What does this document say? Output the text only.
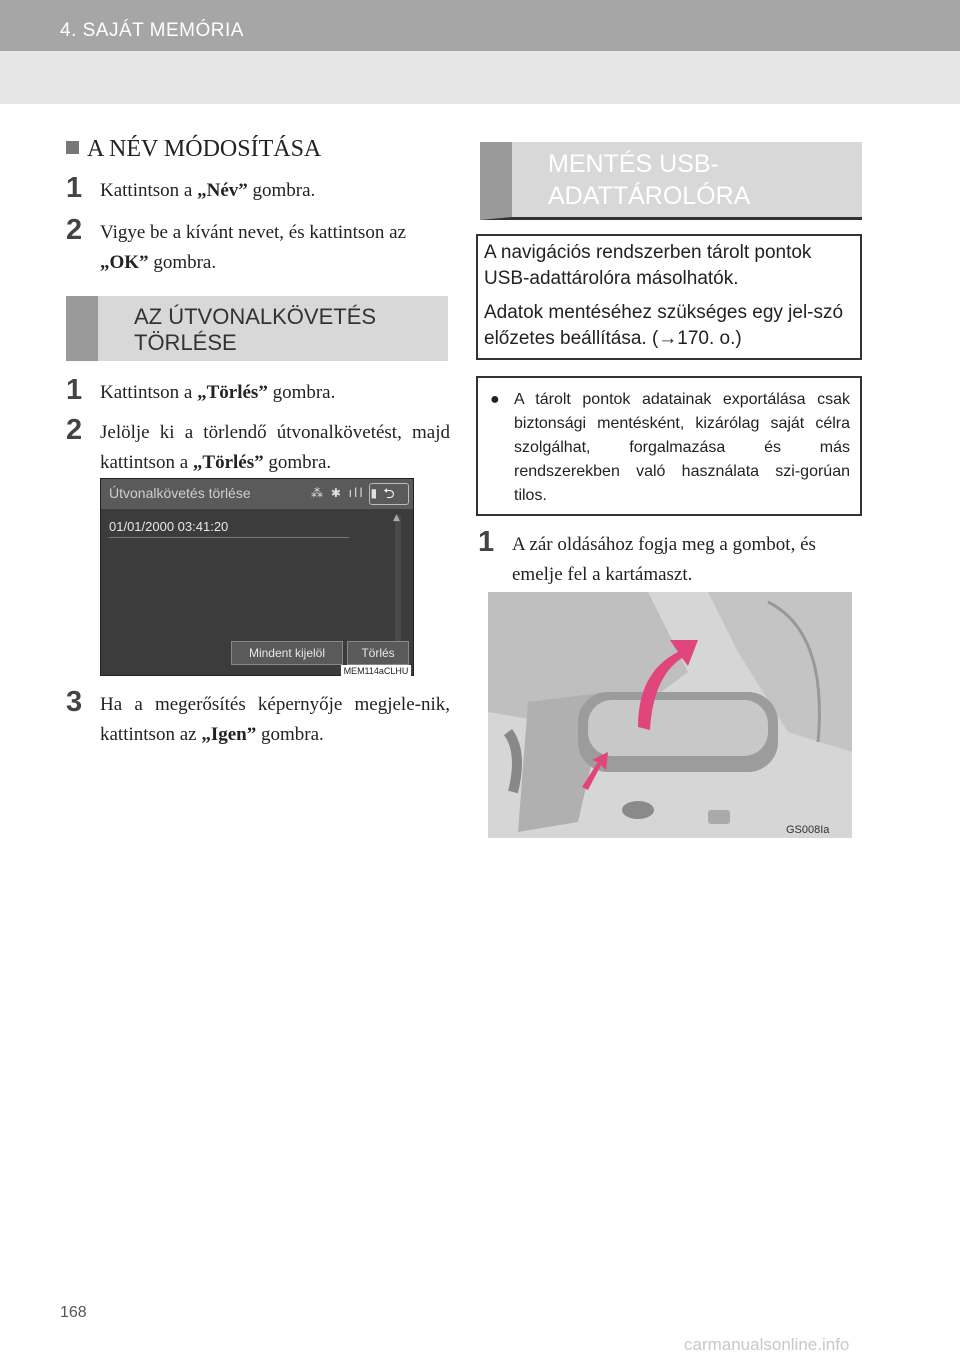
4. SAJÁT MEMÓRIA
A NÉV MÓDOSÍTÁSA
1 Kattintson a „Név” gombra.
2 Vigye be a kívánt nevet, és kattintson az „OK” gombra.
AZ ÚTVONALKÖVETÉS
TÖRLÉSE
1 Kattintson a „Törlés” gombra.
2 Jelölje ki a törlendő útvonalkövetést, majd kattintson a „Törlés” gombra.
Útvonalkövetés törlése	⁂ ✱ ıll ▮ ⮌
01/01/2000 03:41:20
▲
Mindent kijelöl	Törlés
MEM114aCLHU
3 Ha a megerősítés képernyője megjele-nik, kattintson az „Igen” gombra.
MENTÉS USB-
ADATTÁROLÓRA
A navigációs rendszerben tárolt pontok USB-adattárolóra másolhatók.
Adatok mentéséhez szükséges egy jel-szó előzetes beállítása. (→170. o.)
● A tárolt pontok adatainak exportálása csak biztonsági mentésként, kizárólag saját célra szolgálhat, forgalmazása és más rendszerekben való használata szi-gorúan tilos.
1 A zár oldásához fogja meg a gombot, és emelje fel a kartámaszt.
GS008Ia
168
carmanualsonline.info
